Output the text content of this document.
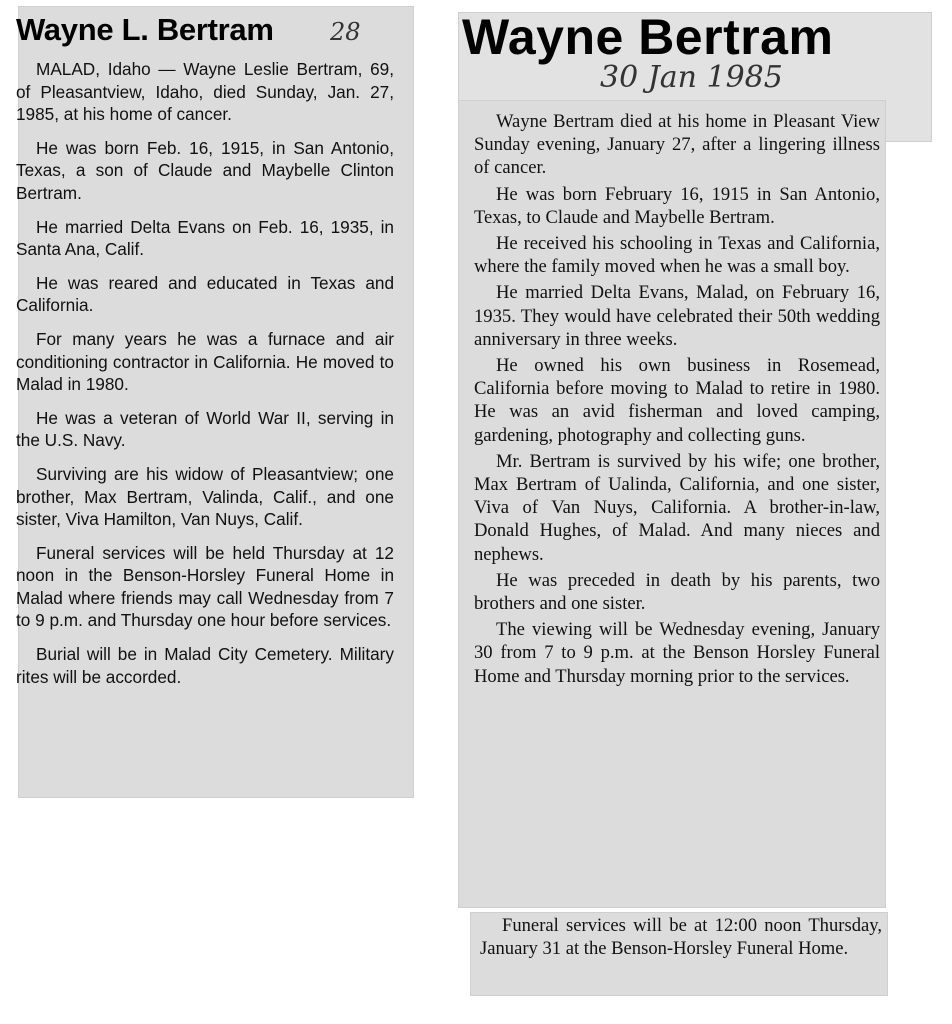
Wayne L. Bertram 28

MALAD, Idaho — Wayne Leslie Bertram, 69, of Pleasantview, Idaho, died Sunday, Jan. 27, 1985, at his home of cancer.

He was born Feb. 16, 1915, in San Antonio, Texas, a son of Claude and Maybelle Clinton Bertram.

He married Delta Evans on Feb. 16, 1935, in Santa Ana, Calif.

He was reared and educated in Texas and California.

For many years he was a furnace and air conditioning contractor in California. He moved to Malad in 1980.

He was a veteran of World War II, serving in the U.S. Navy.

Surviving are his widow of Pleasantview; one brother, Max Bertram, Valinda, Calif., and one sister, Viva Hamilton, Van Nuys, Calif.

Funeral services will be held Thursday at 12 noon in the Benson-Horsley Funeral Home in Malad where friends may call Wednesday from 7 to 9 p.m. and Thursday one hour before services.

Burial will be in Malad City Cemetery. Military rites will be accorded.

Wayne Bertram
30 Jan 1985

Wayne Bertram died at his home in Pleasant View Sunday evening, January 27, after a lingering illness of cancer.

He was born February 16, 1915 in San Antonio, Texas, to Claude and Maybelle Bertram.

He received his schooling in Texas and California, where the family moved when he was a small boy.

He married Delta Evans, Malad, on February 16, 1935. They would have celebrated their 50th wedding anniversary in three weeks.

He owned his own business in Rosemead, California before moving to Malad to retire in 1980. He was an avid fisherman and loved camping, gardening, photography and collecting guns.

Mr. Bertram is survived by his wife; one brother, Max Bertram of Ualinda, California, and one sister, Viva of Van Nuys, California. A brother-in-law, Donald Hughes, of Malad. And many nieces and nephews.

He was preceded in death by his parents, two brothers and one sister.

The viewing will be Wednesday evening, January 30 from 7 to 9 p.m. at the Benson Horsley Funeral Home and Thursday morning prior to the services.

Funeral services will be at 12:00 noon Thursday, January 31 at the Benson-Horsley Funeral Home.
